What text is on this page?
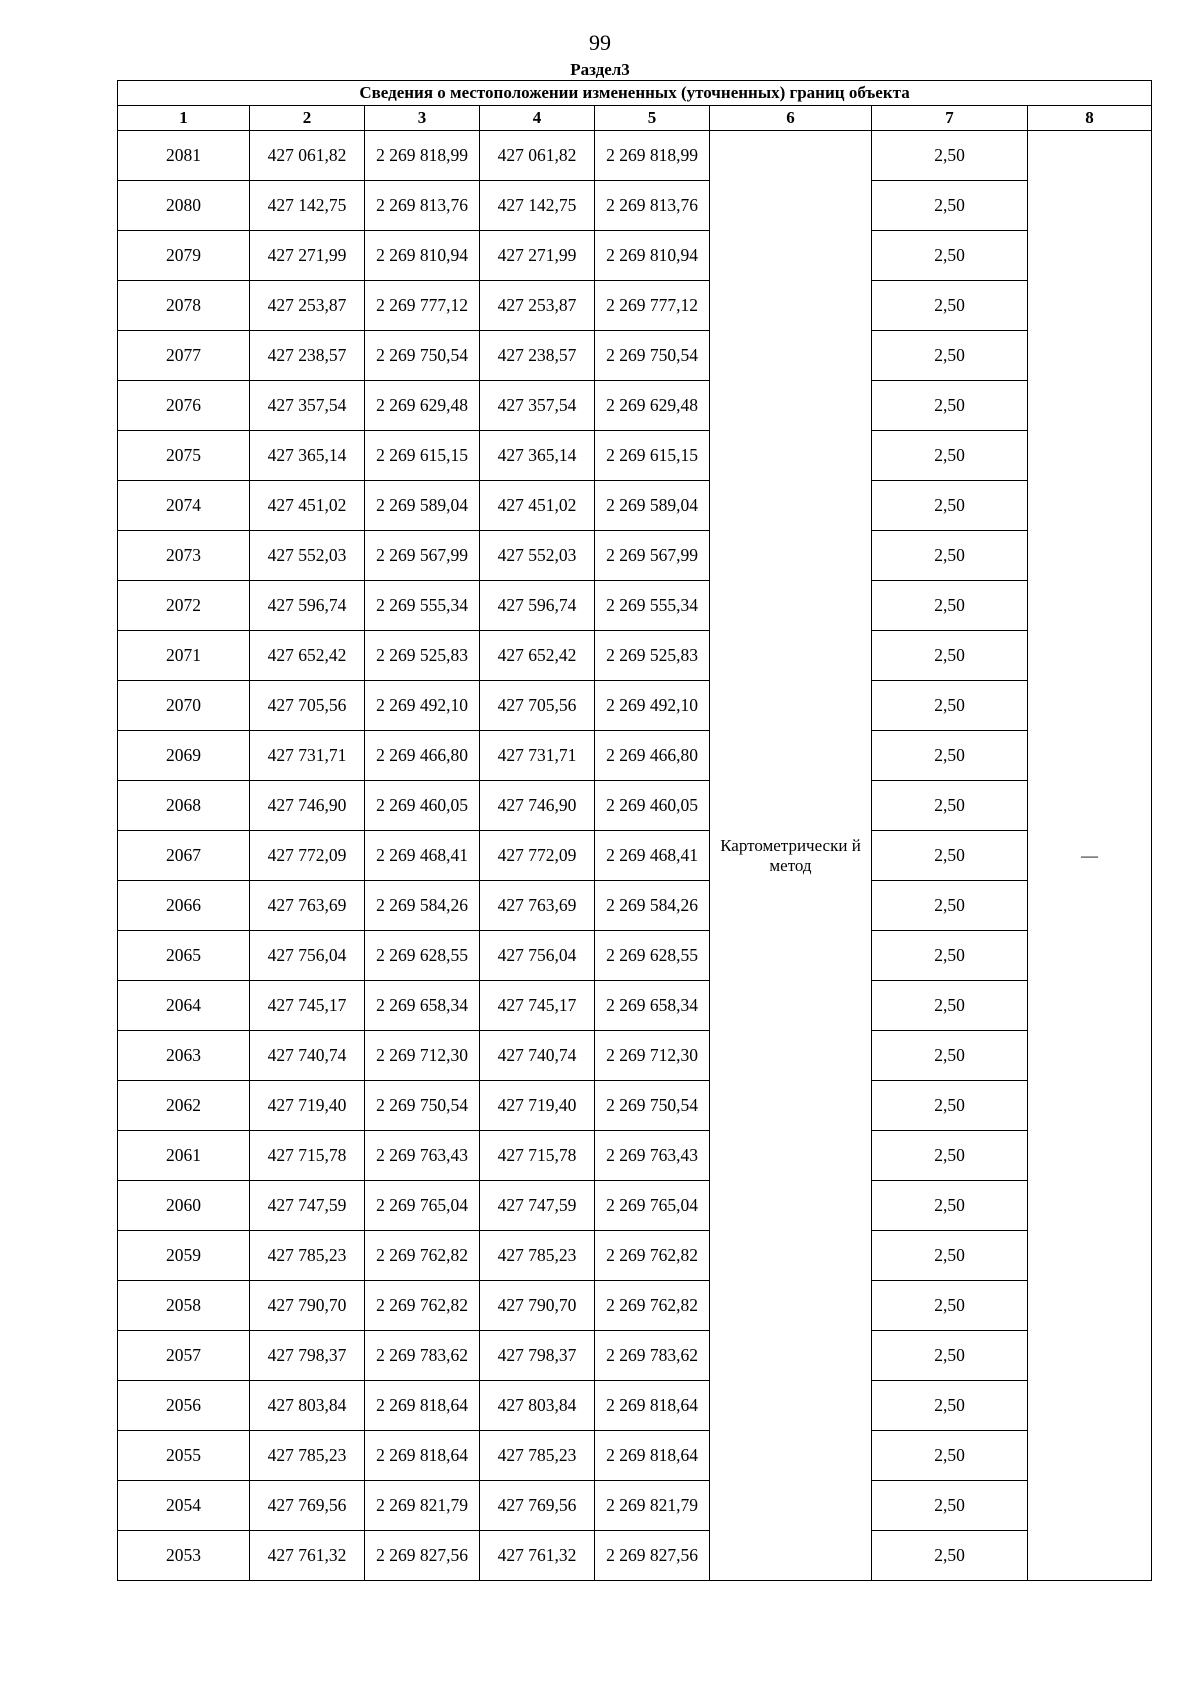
99
Раздел3
Сведения о местоположении измененных (уточненных) границ объекта							
1	2	3	4	5	6	7	8
2081	427 061,82	2 269 818,99	427 061,82	2 269 818,99	Картометрически й метод	2,50	—
2080	427 142,75	2 269 813,76	427 142,75	2 269 813,76		2,50	
2079	427 271,99	2 269 810,94	427 271,99	2 269 810,94		2,50	
2078	427 253,87	2 269 777,12	427 253,87	2 269 777,12		2,50	
2077	427 238,57	2 269 750,54	427 238,57	2 269 750,54		2,50	
2076	427 357,54	2 269 629,48	427 357,54	2 269 629,48		2,50	
2075	427 365,14	2 269 615,15	427 365,14	2 269 615,15		2,50	
2074	427 451,02	2 269 589,04	427 451,02	2 269 589,04		2,50	
2073	427 552,03	2 269 567,99	427 552,03	2 269 567,99		2,50	
2072	427 596,74	2 269 555,34	427 596,74	2 269 555,34		2,50	
2071	427 652,42	2 269 525,83	427 652,42	2 269 525,83		2,50	
2070	427 705,56	2 269 492,10	427 705,56	2 269 492,10		2,50	
2069	427 731,71	2 269 466,80	427 731,71	2 269 466,80		2,50	
2068	427 746,90	2 269 460,05	427 746,90	2 269 460,05		2,50	
2067	427 772,09	2 269 468,41	427 772,09	2 269 468,41		2,50	
2066	427 763,69	2 269 584,26	427 763,69	2 269 584,26		2,50	
2065	427 756,04	2 269 628,55	427 756,04	2 269 628,55		2,50	
2064	427 745,17	2 269 658,34	427 745,17	2 269 658,34		2,50	
2063	427 740,74	2 269 712,30	427 740,74	2 269 712,30		2,50	
2062	427 719,40	2 269 750,54	427 719,40	2 269 750,54		2,50	
2061	427 715,78	2 269 763,43	427 715,78	2 269 763,43		2,50	
2060	427 747,59	2 269 765,04	427 747,59	2 269 765,04		2,50	
2059	427 785,23	2 269 762,82	427 785,23	2 269 762,82		2,50	
2058	427 790,70	2 269 762,82	427 790,70	2 269 762,82		2,50	
2057	427 798,37	2 269 783,62	427 798,37	2 269 783,62		2,50	
2056	427 803,84	2 269 818,64	427 803,84	2 269 818,64		2,50	
2055	427 785,23	2 269 818,64	427 785,23	2 269 818,64		2,50	
2054	427 769,56	2 269 821,79	427 769,56	2 269 821,79		2,50	
2053	427 761,32	2 269 827,56	427 761,32	2 269 827,56		2,50	
